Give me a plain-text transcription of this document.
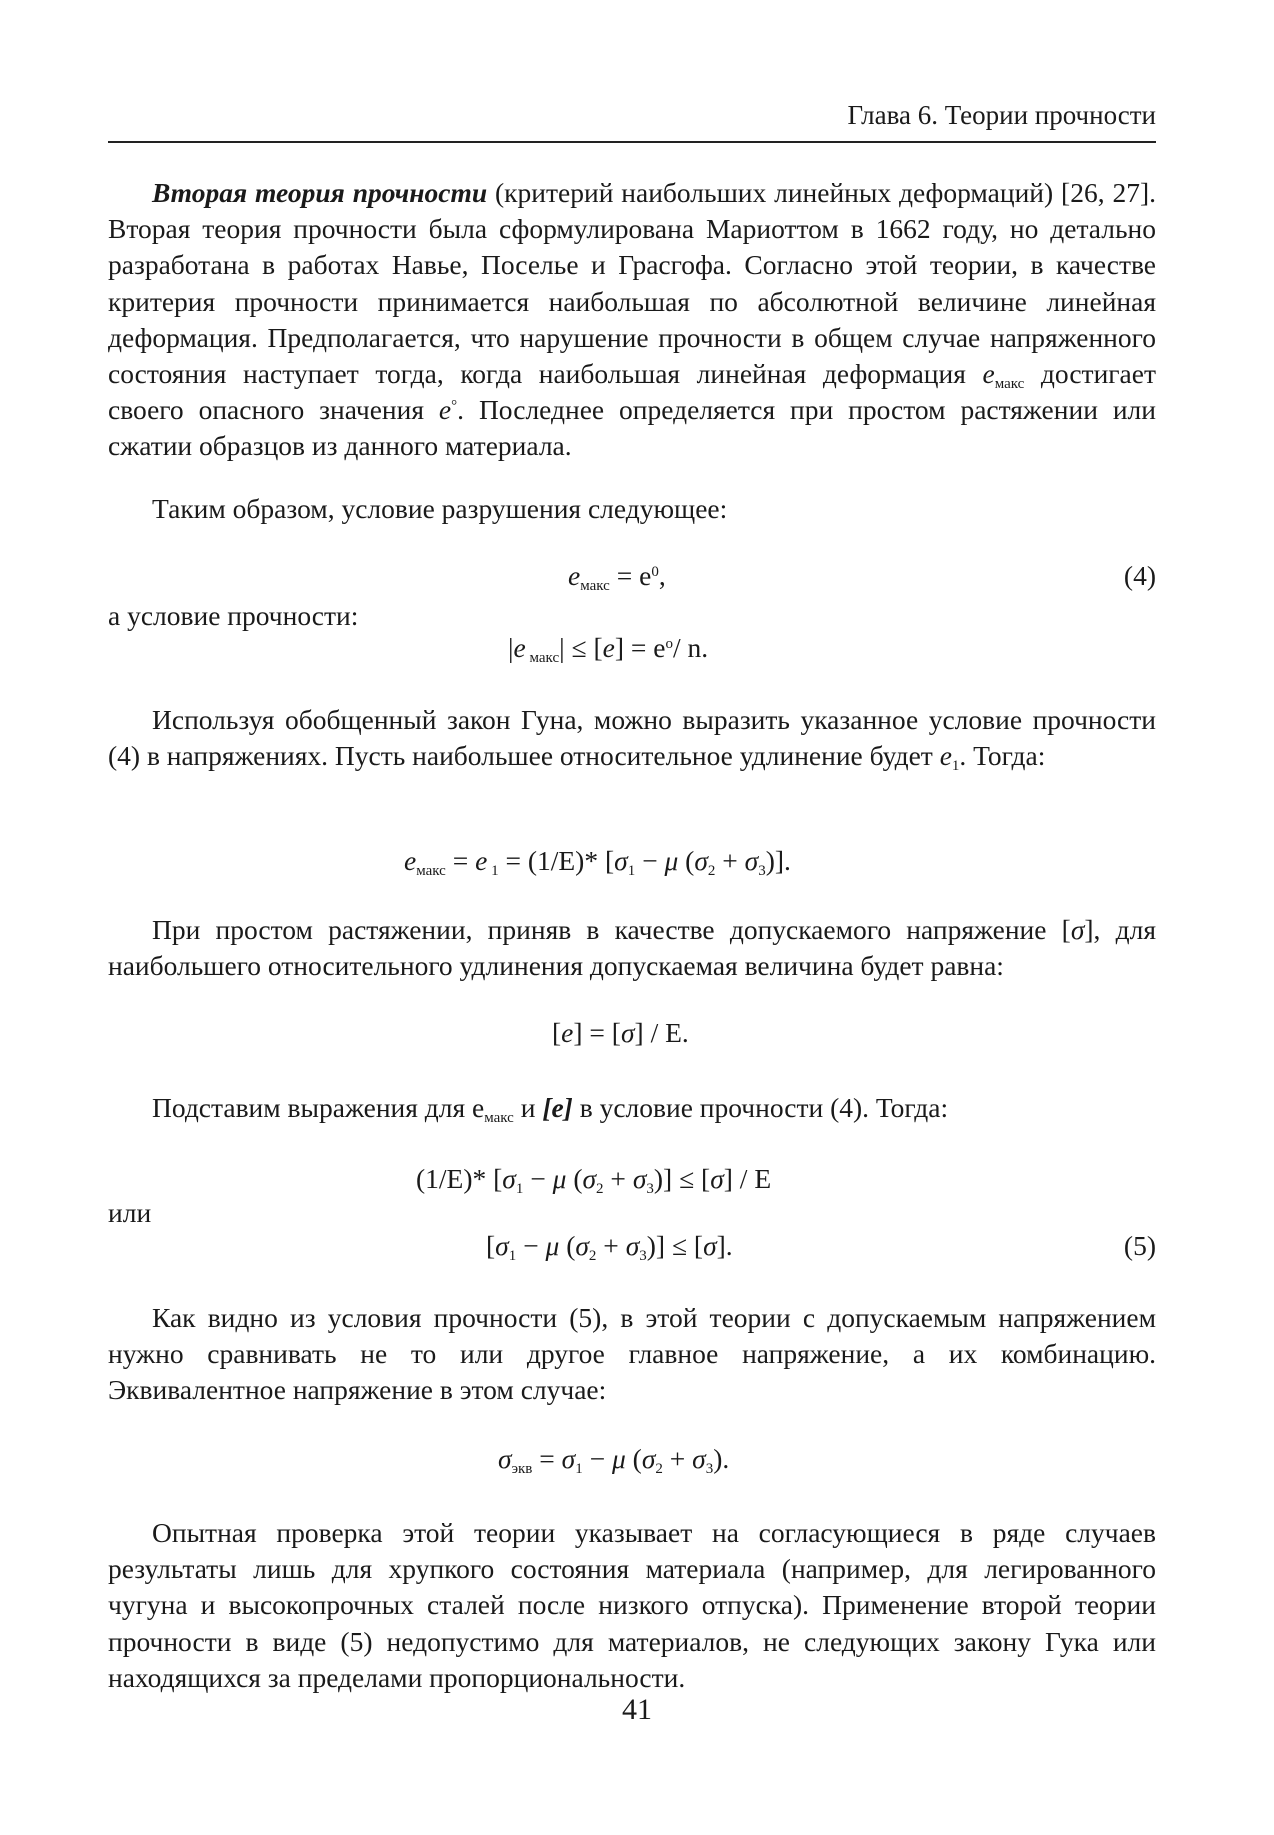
Глава 6. Теории прочности

Вторая теория прочности (критерий наибольших линейных деформаций) [26, 27]. Вторая теория прочности была сформулирована Мариоттом в 1662 году, но детально разработана в работах Навье, Поселье и Грасгофа. Согласно этой теории, в качестве критерия прочности принимается наибольшая по абсолютной величине линейная деформация. Предполагается, что нарушение прочности в общем случае напряженного состояния наступает тогда, когда наибольшая линейная деформация $e_{макс}$ достигает своего опасного значения e°. Последнее определяется при простом растяжении или сжатии образцов из данного материала.

Таким образом, условие разрушения следующее:

$e_{макс} = e^0$,	(4)
а условие прочности:
|e $_{макс}| \le [e] = e^o/$ n.

Используя обобщенный закон Гуна, можно выразить указанное условие прочности (4) в напряжениях. Пусть наибольшее относительное удлинение будет $e_1$. Тогда:

$e_{макс} = e$ $_1$ = (1/E)* [$\sigma_1 - \mu$ $(\sigma_2 + \sigma_3)$].

При простом растяжении, приняв в качестве допускаемого напряжение [σ], для наибольшего относительного удлинения допускаемая величина будет равна:

[e] = [σ] / E.

Подставим выражения для $e_{макс}$ и [e] в условие прочности (4). Тогда:

(1/E)* [$\sigma_1 - \mu$ $(\sigma_2 + \sigma_3)] \le [\sigma] / E$
или
[$\sigma_1 - \mu$ $(\sigma_2 + \sigma_3)] \le [\sigma]$.	(5)

Как видно из условия прочности (5), в этой теории с допускаемым напряжением нужно сравнивать не то или другое главное напряжение, а их комбинацию. Эквивалентное напряжение в этом случае:

$\sigma_{экв} = \sigma_1 - \mu$ $(\sigma_2 + \sigma_3)$.

Опытная проверка этой теории указывает на согласующиеся в ряде случаев результаты лишь для хрупкого состояния материала (например, для легированного чугуна и высокопрочных сталей после низкого отпуска). Применение второй теории прочности в виде (5) недопустимо для материалов, не следующих закону Гука или находящихся за пределами пропорциональности.

41
